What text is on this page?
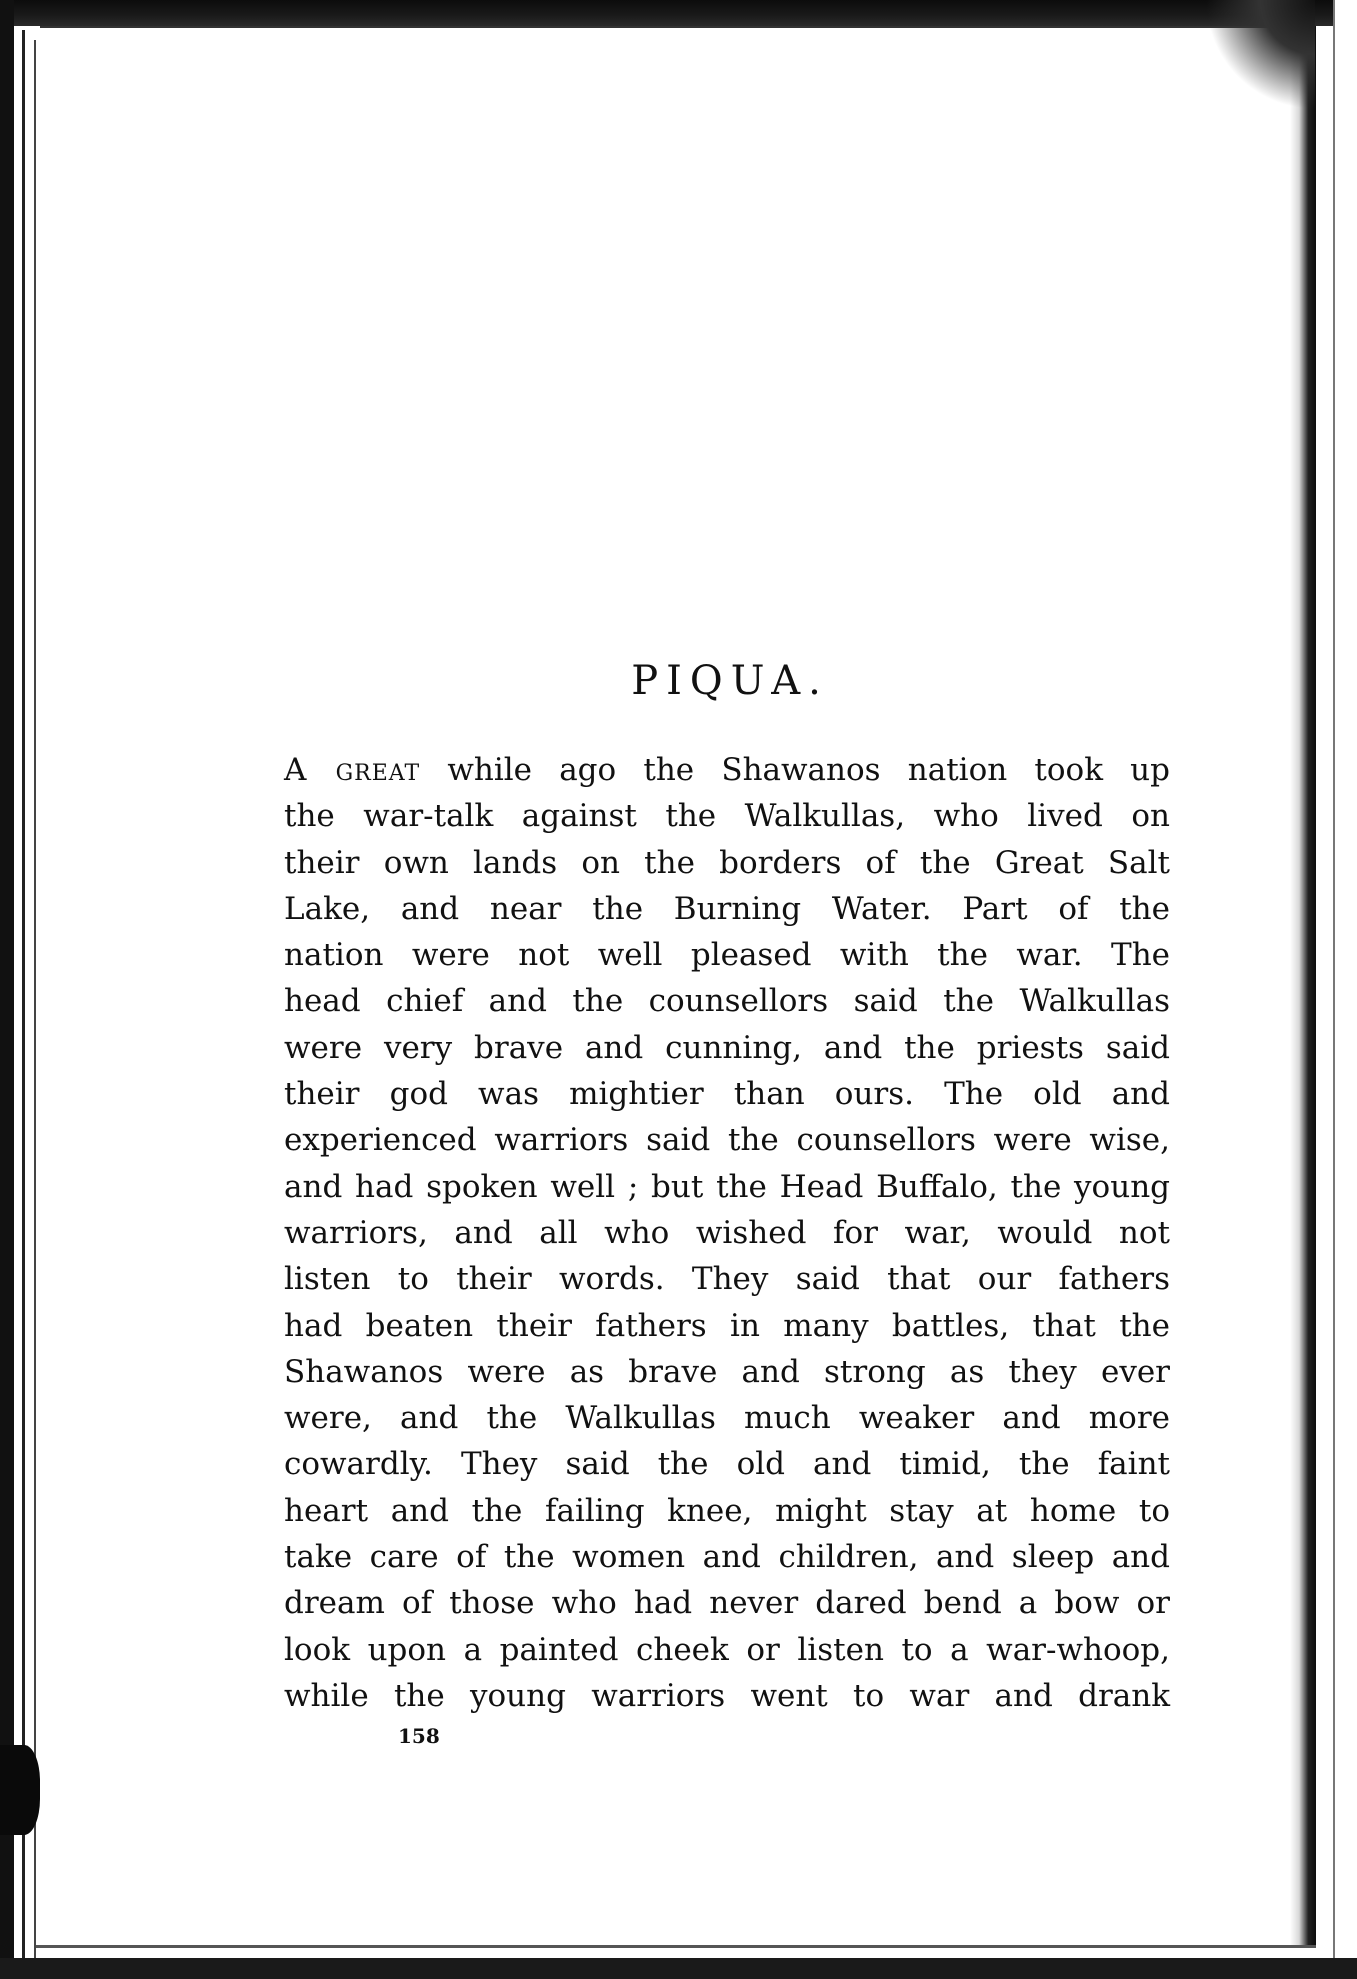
PIQUA.
A great while ago the Shawanos nation took up
the war-talk against the Walkullas, who lived on
their own lands on the borders of the Great Salt
Lake, and near the Burning Water. Part of the
nation were not well pleased with the war. The
head chief and the counsellors said the Walkullas
were very brave and cunning, and the priests said
their god was mightier than ours. The old and
experienced warriors said the counsellors were wise,
and had spoken well ; but the Head Buffalo, the young
warriors, and all who wished for war, would not
listen to their words. They said that our fathers
had beaten their fathers in many battles, that the
Shawanos were as brave and strong as they ever
were, and the Walkullas much weaker and more
cowardly. They said the old and timid, the faint
heart and the failing knee, might stay at home to
take care of the women and children, and sleep and
dream of those who had never dared bend a bow or
look upon a painted cheek or listen to a war-whoop,
while the young warriors went to war and drank
158
